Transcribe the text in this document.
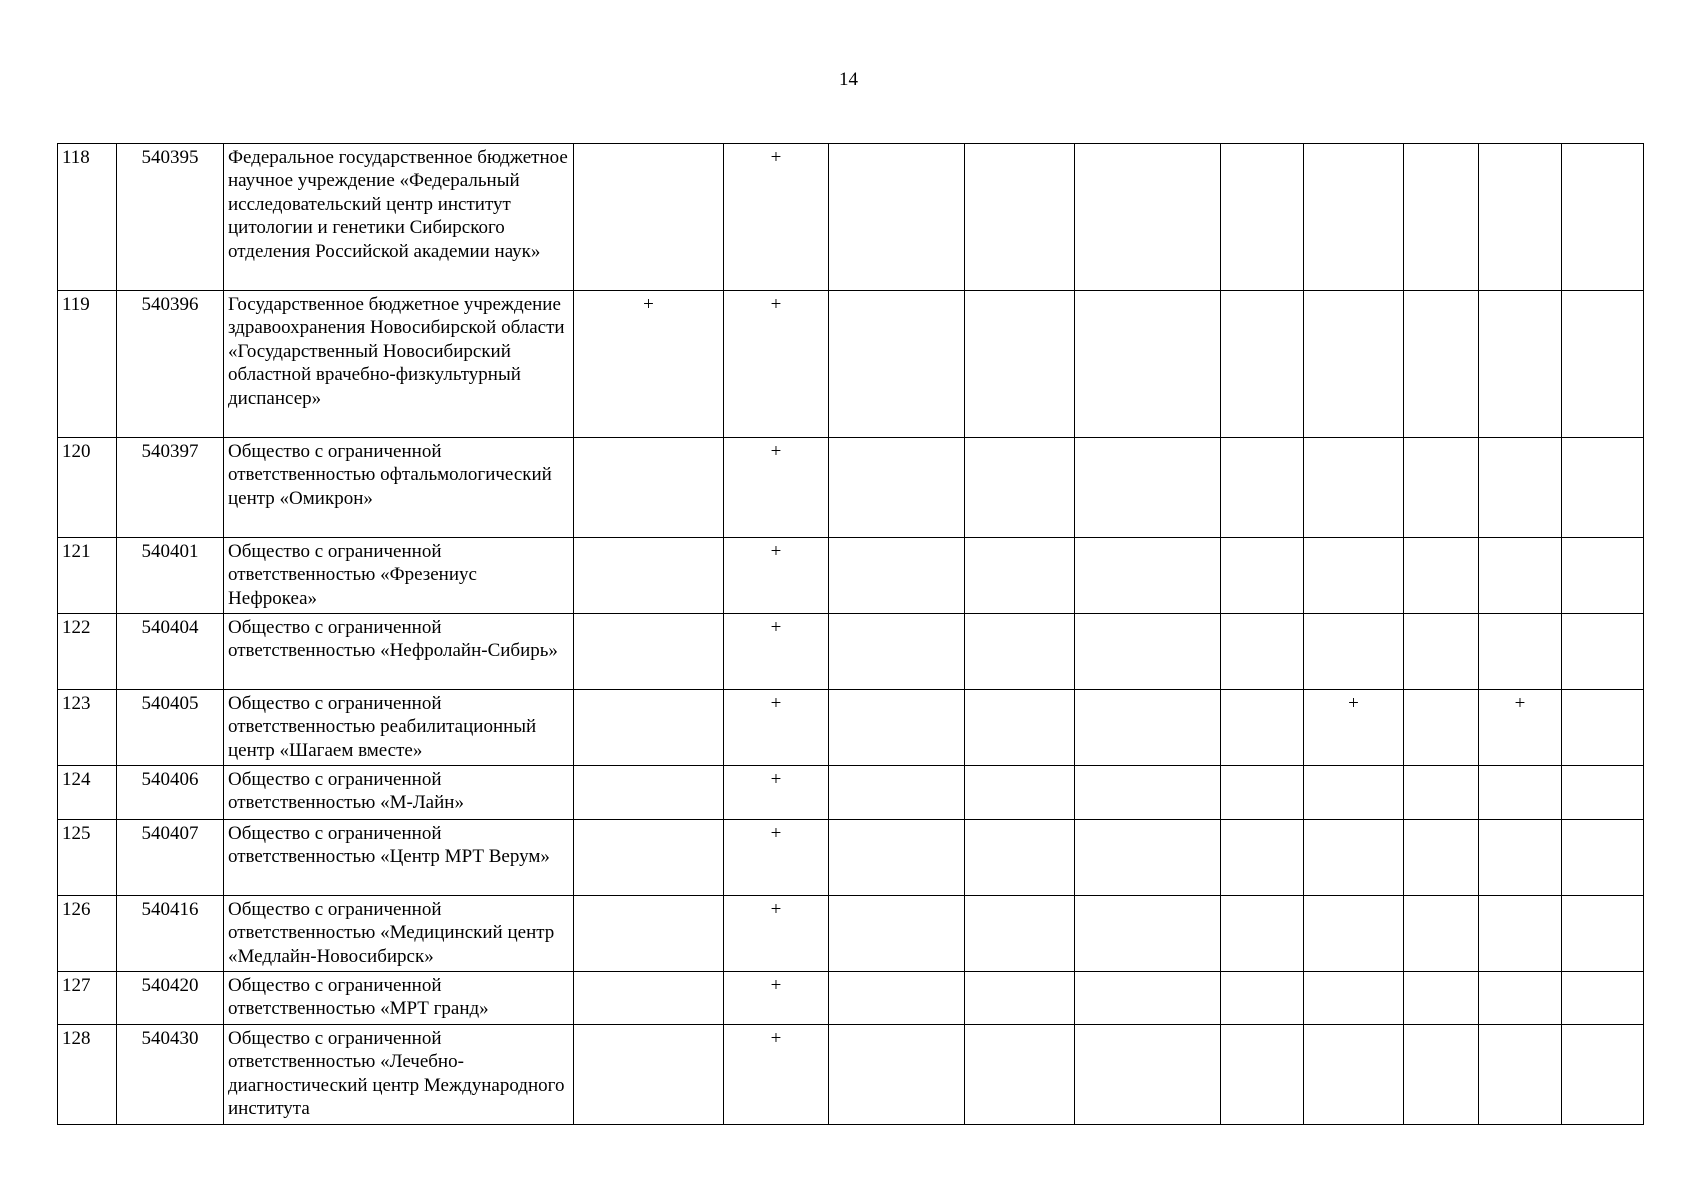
14
118	540395	Федеральное государственное бюджетное научное учреждение «Федеральный исследовательский центр институт цитологии и генетики Сибирского отделения Российской академии наук»		+								
119	540396	Государственное бюджетное учреждение здравоохранения Новосибирской области «Государственный Новосибирский областной врачебно-физкультурный диспансер»	+	+								
120	540397	Общество с ограниченной ответственностью офтальмологический центр «Омикрон»		+								
121	540401	Общество с ограниченной ответственностью «Фрезениус Нефрокеа»		+								
122	540404	Общество с ограниченной ответственностью «Нефролайн-Сибирь»		+								
123	540405	Общество с ограниченной ответственностью реабилитационный центр «Шагаем вместе»		+					+		+	
124	540406	Общество с ограниченной ответственностью «М-Лайн»		+								
125	540407	Общество с ограниченной ответственностью «Центр МРТ Верум»		+								
126	540416	Общество с ограниченной ответственностью «Медицинский центр «Медлайн-Новосибирск»		+								
127	540420	Общество с ограниченной ответственностью «МРТ гранд»		+								
128	540430	Общество с ограниченной ответственностью «Лечебно-диагностический центр Международного института		+								
